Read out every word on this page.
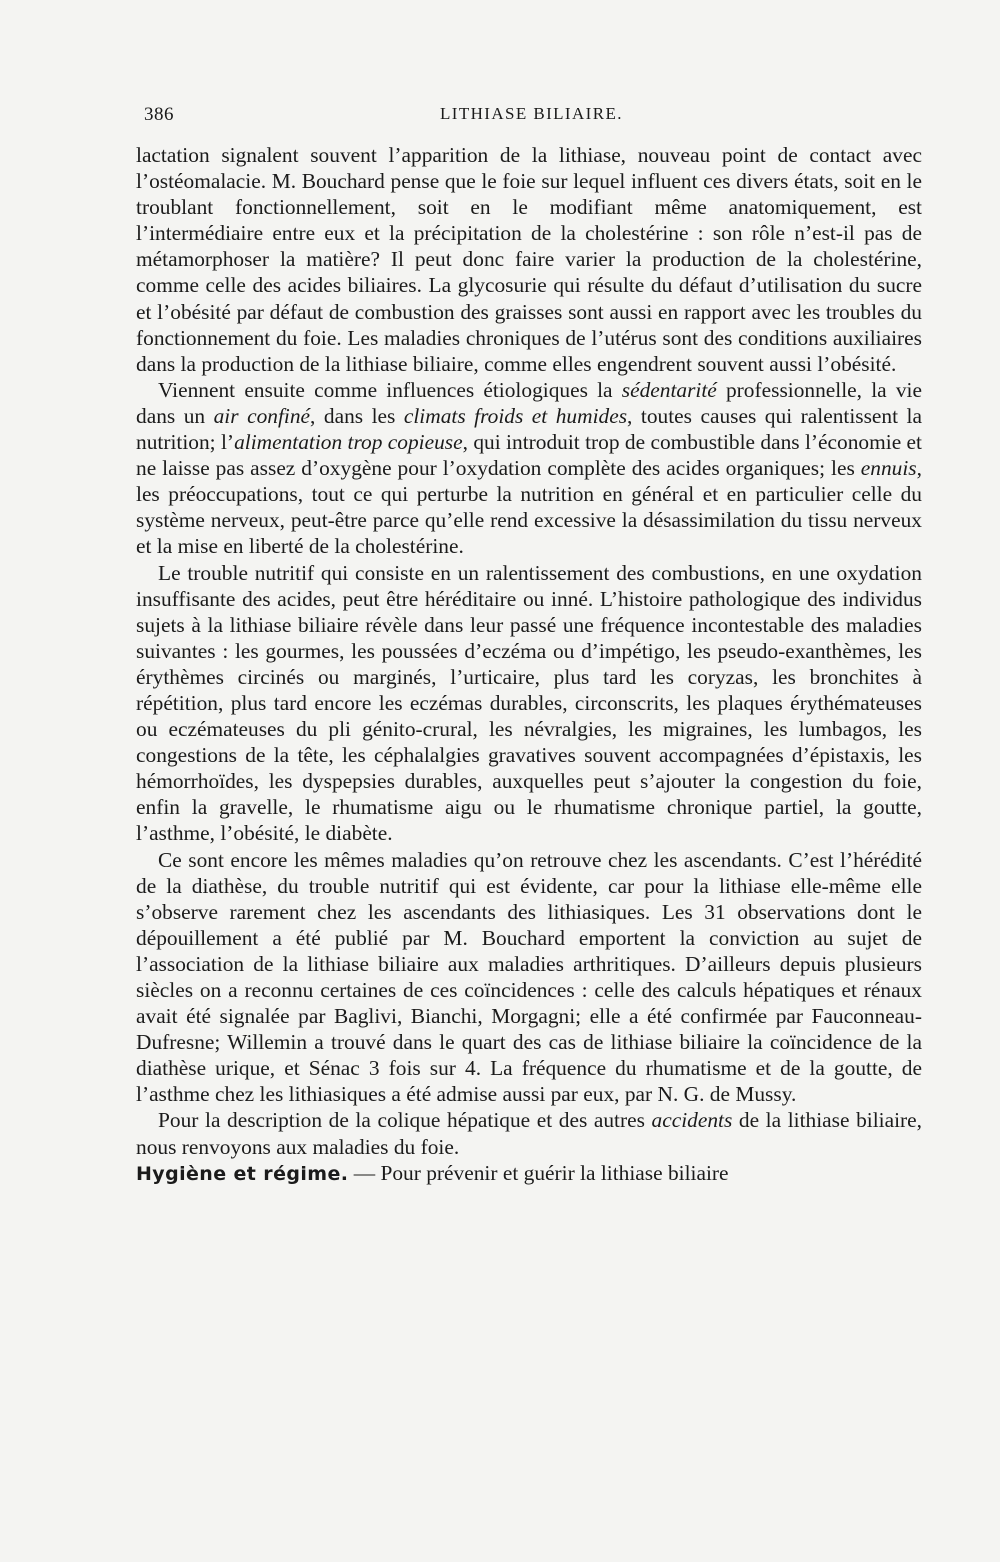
386	LITHIASE BILIAIRE.

lactation signalent souvent l’apparition de la lithiase, nouveau point de contact avec l’ostéomalacie. M. Bouchard pense que le foie sur lequel influent ces divers états, soit en le troublant fonctionnellement, soit en le modifiant même anatomiquement, est l’intermédiaire entre eux et la précipitation de la cholestérine : son rôle n’est-il pas de métamorphoser la matière? Il peut donc faire varier la production de la cholestérine, comme celle des acides biliaires. La glycosurie qui résulte du défaut d’utilisation du sucre et l’obésité par défaut de combustion des graisses sont aussi en rapport avec les troubles du fonctionnement du foie. Les maladies chroniques de l’utérus sont des conditions auxiliaires dans la production de la lithiase biliaire, comme elles engendrent souvent aussi l’obésité.

Viennent ensuite comme influences étiologiques la sédentarité professionnelle, la vie dans un air confiné, dans les climats froids et humides, toutes causes qui ralentissent la nutrition; l’alimentation trop copieuse, qui introduit trop de combustible dans l’économie et ne laisse pas assez d’oxygène pour l’oxydation complète des acides organiques; les ennuis, les préoccupations, tout ce qui perturbe la nutrition en général et en particulier celle du système nerveux, peut-être parce qu’elle rend excessive la désassimilation du tissu nerveux et la mise en liberté de la cholestérine.

Le trouble nutritif qui consiste en un ralentissement des combustions, en une oxydation insuffisante des acides, peut être héréditaire ou inné. L’histoire pathologique des individus sujets à la lithiase biliaire révèle dans leur passé une fréquence incontestable des maladies suivantes : les gourmes, les poussées d’eczéma ou d’impétigo, les pseudo-exanthèmes, les érythèmes circinés ou marginés, l’urticaire, plus tard les coryzas, les bronchites à répétition, plus tard encore les eczémas durables, circonscrits, les plaques érythémateuses ou eczémateuses du pli génito-crural, les névralgies, les migraines, les lumbagos, les congestions de la tête, les céphalalgies gravatives souvent accompagnées d’épistaxis, les hémorrhoïdes, les dyspepsies durables, auxquelles peut s’ajouter la congestion du foie, enfin la gravelle, le rhumatisme aigu ou le rhumatisme chronique partiel, la goutte, l’asthme, l’obésité, le diabète.

Ce sont encore les mêmes maladies qu’on retrouve chez les ascendants. C’est l’hérédité de la diathèse, du trouble nutritif qui est évidente, car pour la lithiase elle-même elle s’observe rarement chez les ascendants des lithiasiques. Les 31 observations dont le dépouillement a été publié par M. Bouchard emportent la conviction au sujet de l’association de la lithiase biliaire aux maladies arthritiques. D’ailleurs depuis plusieurs siècles on a reconnu certaines de ces coïncidences : celle des calculs hépatiques et rénaux avait été signalée par Baglivi, Bianchi, Morgagni; elle a été confirmée par Fauconneau-Dufresne; Willemin a trouvé dans le quart des cas de lithiase biliaire la coïncidence de la diathèse urique, et Sénac 3 fois sur 4. La fréquence du rhumatisme et de la goutte, de l’asthme chez les lithiasiques a été admise aussi par eux, par N. G. de Mussy.

Pour la description de la colique hépatique et des autres accidents de la lithiase biliaire, nous renvoyons aux maladies du foie.

Hygiène et régime. — Pour prévenir et guérir la lithiase biliaire
